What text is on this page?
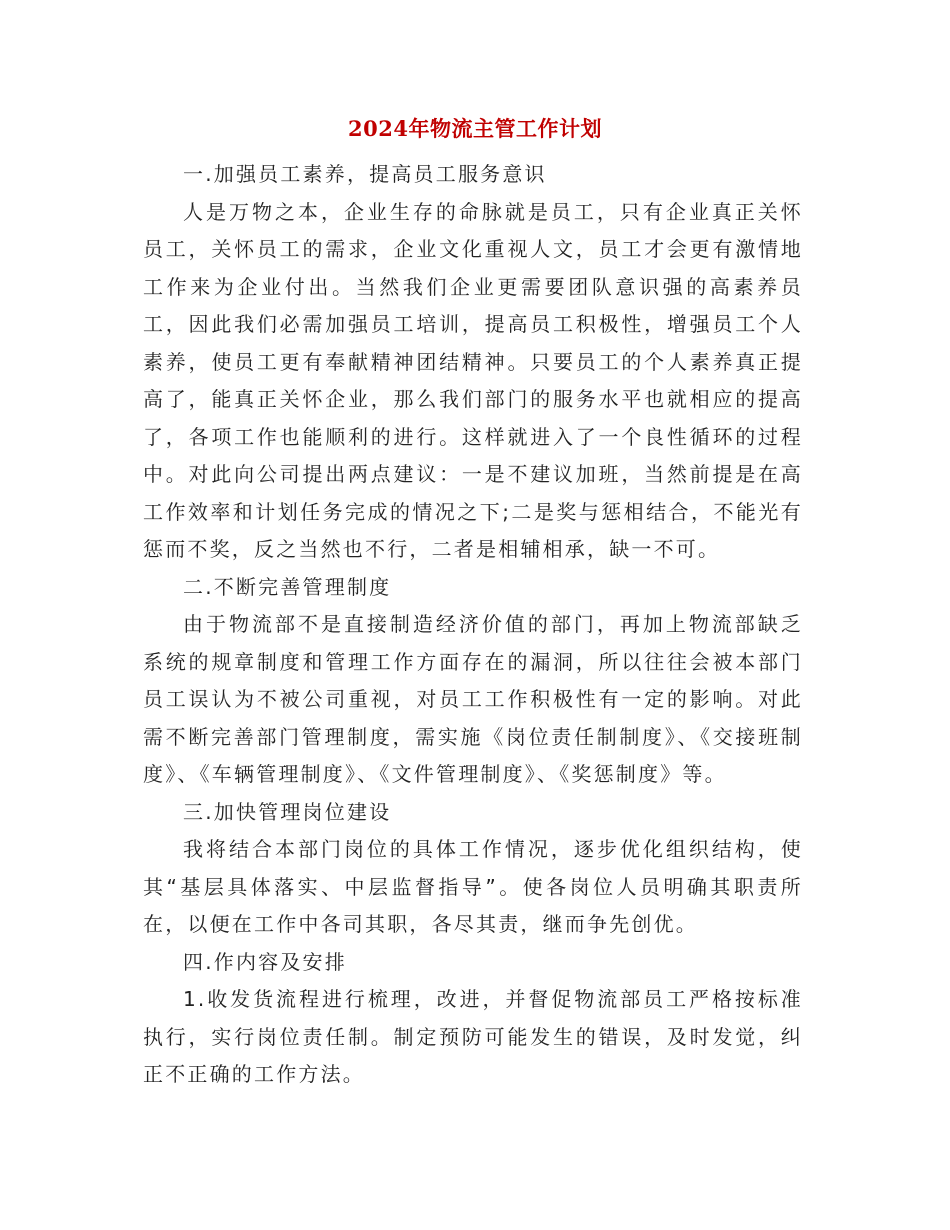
2024年物流主管工作计划

一.加强员工素养，提高员工服务意识

人是万物之本，企业生存的命脉就是员工，只有企业真正关怀员工，关怀员工的需求，企业文化重视人文，员工才会更有激情地工作来为企业付出。当然我们企业更需要团队意识强的高素养员工，因此我们必需加强员工培训，提高员工积极性，增强员工个人素养，使员工更有奉献精神团结精神。只要员工的个人素养真正提高了，能真正关怀企业，那么我们部门的服务水平也就相应的提高了，各项工作也能顺利的进行。这样就进入了一个良性循环的过程中。对此向公司提出两点建议：一是不建议加班，当然前提是在高工作效率和计划任务完成的情况之下;二是奖与惩相结合，不能光有惩而不奖，反之当然也不行，二者是相辅相承，缺一不可。

二.不断完善管理制度

由于物流部不是直接制造经济价值的部门，再加上物流部缺乏系统的规章制度和管理工作方面存在的漏洞，所以往往会被本部门员工误认为不被公司重视，对员工工作积极性有一定的影响。对此需不断完善部门管理制度，需实施《岗位责任制制度》、《交接班制度》、《车辆管理制度》、《文件管理制度》、《奖惩制度》等。

三.加快管理岗位建设

我将结合本部门岗位的具体工作情况，逐步优化组织结构，使其“基层具体落实、中层监督指导”。使各岗位人员明确其职责所在，以便在工作中各司其职，各尽其责，继而争先创优。

四.作内容及安排

1.收发货流程进行梳理，改进，并督促物流部员工严格按标准执行，实行岗位责任制。制定预防可能发生的错误，及时发觉，纠正不正确的工作方法。
